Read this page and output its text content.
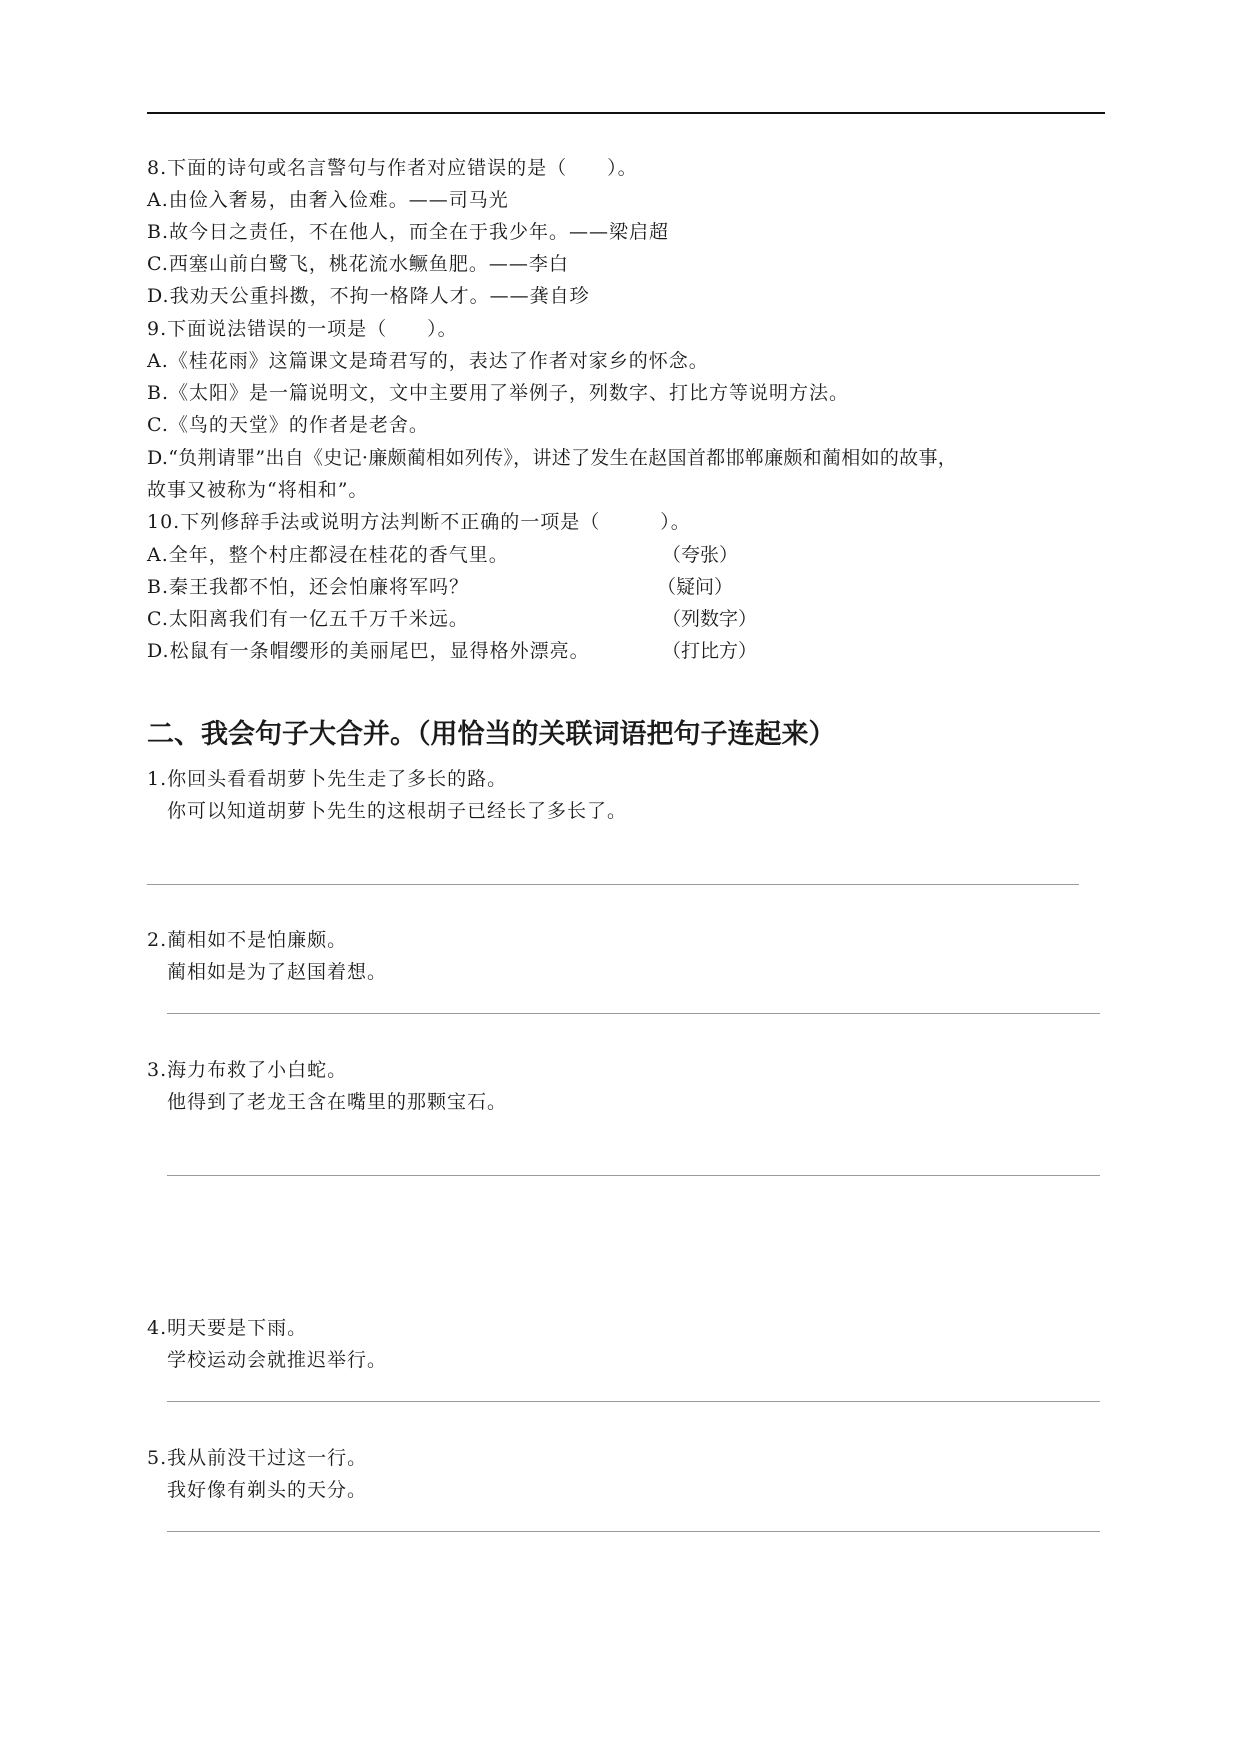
8.下面的诗句或名言警句与作者对应错误的是（　　）。
A.由俭入奢易，由奢入俭难。——司马光
B.故今日之责任，不在他人，而全在于我少年。——梁启超
C.西塞山前白鹭飞，桃花流水鳜鱼肥。——李白
D.我劝天公重抖擞，不拘一格降人才。——龚自珍
9.下面说法错误的一项是（　　）。
A.《桂花雨》这篇课文是琦君写的，表达了作者对家乡的怀念。
B.《太阳》是一篇说明文，文中主要用了举例子，列数字、打比方等说明方法。
C.《鸟的天堂》的作者是老舍。
D.“负荆请罪”出自《史记·廉颇蔺相如列传》，讲述了发生在赵国首都邯郸廉颇和蔺相如的故事，
故事又被称为“将相和”。
10.下列修辞手法或说明方法判断不正确的一项是（　　　）。
A.全年，整个村庄都浸在桂花的香气里。	（夸张）
B.秦王我都不怕，还会怕廉将军吗？	（疑问）
C.太阳离我们有一亿五千万千米远。	（列数字）
D.松鼠有一条帽缨形的美丽尾巴，显得格外漂亮。	（打比方）
二、我会句子大合并。（用恰当的关联词语把句子连起来）
1.你回头看看胡萝卜先生走了多长的路。
你可以知道胡萝卜先生的这根胡子已经长了多长了。
2.蔺相如不是怕廉颇。
蔺相如是为了赵国着想。
3.海力布救了小白蛇。
他得到了老龙王含在嘴里的那颗宝石。
4.明天要是下雨。
学校运动会就推迟举行。
5.我从前没干过这一行。
我好像有剃头的天分。
